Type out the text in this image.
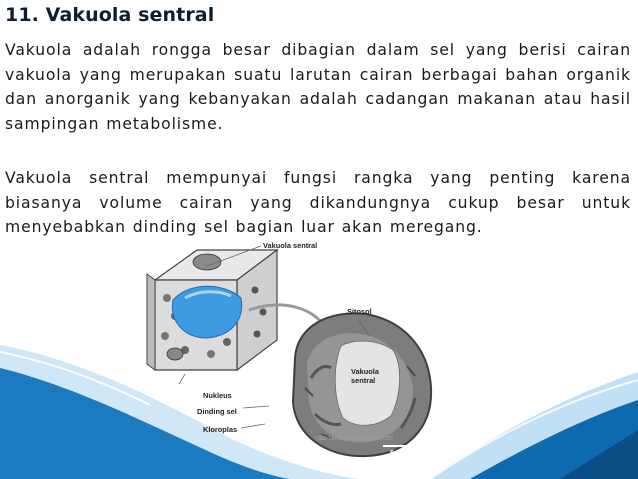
11. Vakuola sentral
Vakuola adalah rongga besar dibagian dalam sel yang berisi cairan vakuola yang merupakan suatu larutan cairan berbagai bahan organik dan anorganik yang kebanyakan adalah cadangan makanan atau hasil sampingan metabolisme.
Vakuola sentral mempunyai fungsi rangka yang penting karena biasanya volume cairan yang dikandungnya cukup besar untuk menyebabkan dinding sel bagian luar akan meregang.
Vakuola sentral
Sitosol
Vakuola
sentral
Nukleus
Dinding sel
Kloroplas
5 µm
rabi-biologi.blogspot.com
